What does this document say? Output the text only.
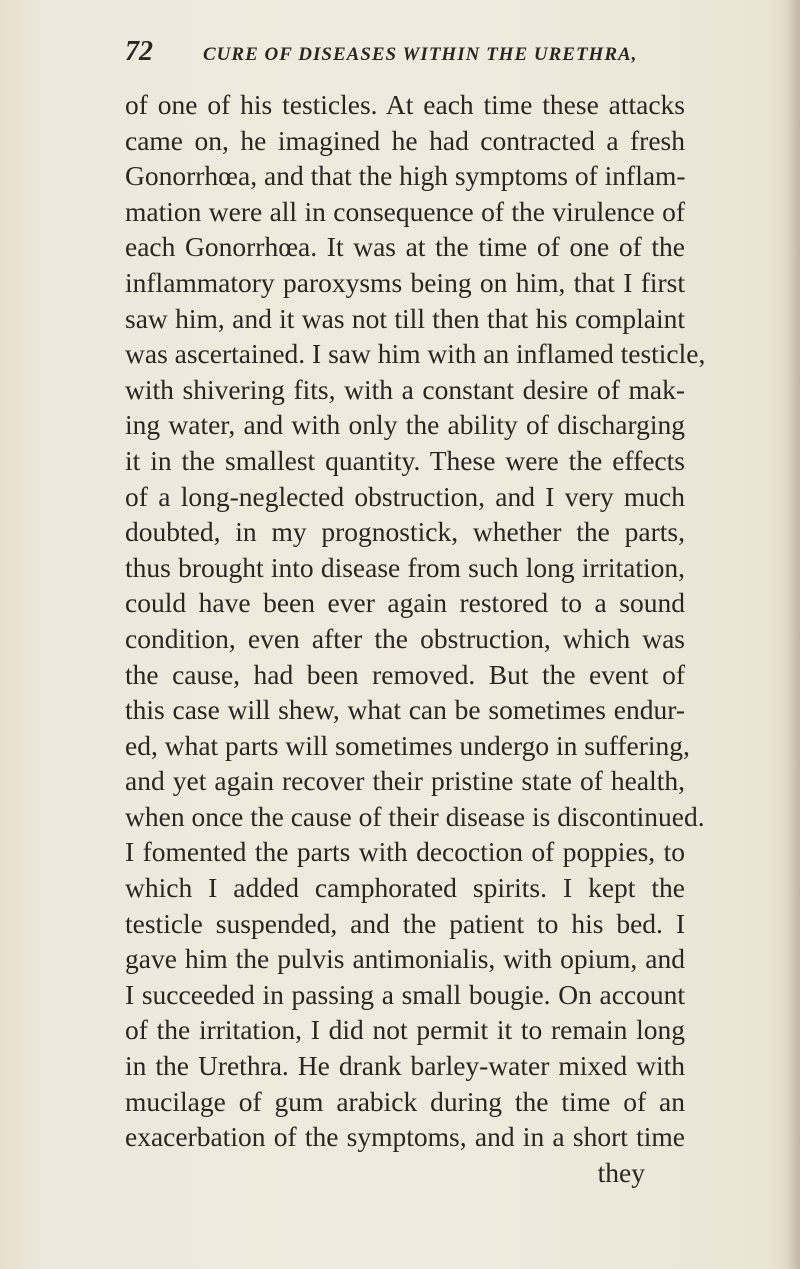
72	CURE OF DISEASES WITHIN THE URETHRA,
of one of his testicles. At each time these attacks
came on, he imagined he had contracted a fresh
Gonorrhœa, and that the high symptoms of inflam-
mation were all in consequence of the virulence of
each Gonorrhœa. It was at the time of one of the
inflammatory paroxysms being on him, that I first
saw him, and it was not till then that his complaint
was ascertained. I saw him with an inflamed testicle,
with shivering fits, with a constant desire of mak-
ing water, and with only the ability of discharging
it in the smallest quantity. These were the effects
of a long-neglected obstruction, and I very much
doubted, in my prognostick, whether the parts,
thus brought into disease from such long irritation,
could have been ever again restored to a sound
condition, even after the obstruction, which was
the cause, had been removed. But the event of
this case will shew, what can be sometimes endur-
ed, what parts will sometimes undergo in suffering,
and yet again recover their pristine state of health,
when once the cause of their disease is discontinued.
I fomented the parts with decoction of poppies, to
which I added camphorated spirits. I kept the
testicle suspended, and the patient to his bed. I
gave him the pulvis antimonialis, with opium, and
I succeeded in passing a small bougie. On account
of the irritation, I did not permit it to remain long
in the Urethra. He drank barley-water mixed with
mucilage of gum arabick during the time of an
exacerbation of the symptoms, and in a short time
they
